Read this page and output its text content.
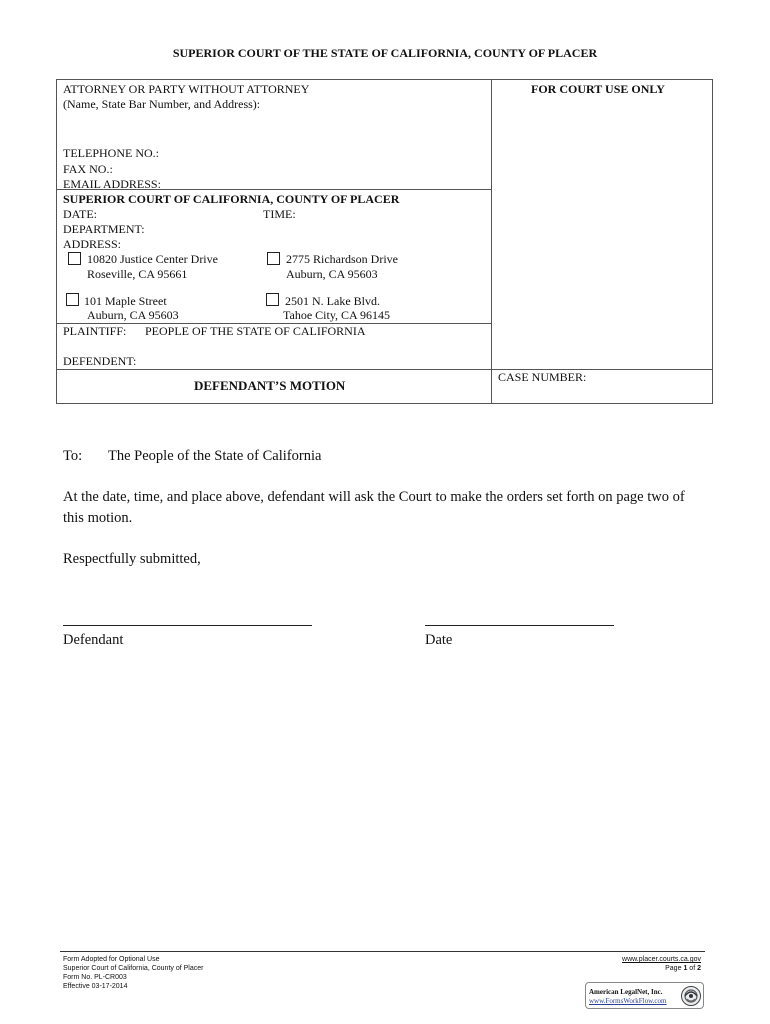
SUPERIOR COURT OF THE STATE OF CALIFORNIA, COUNTY OF PLACER
ATTORNEY OR PARTY WITHOUT ATTORNEY
(Name, State Bar Number, and Address):
TELEPHONE NO.:
FAX NO.:
EMAIL ADDRESS:
FOR COURT USE ONLY
SUPERIOR COURT OF CALIFORNIA, COUNTY OF PLACER
DATE:	TIME:
DEPARTMENT:
ADDRESS:
10820 Justice Center Drive
Roseville, CA 95661
2775 Richardson Drive
Auburn, CA 95603
101 Maple Street
Auburn, CA 95603
2501 N. Lake Blvd.
Tahoe City, CA 96145
PLAINTIFF: PEOPLE OF THE STATE OF CALIFORNIA
DEFENDENT:
DEFENDANT’S MOTION
CASE NUMBER:
To: The People of the State of California
At the date, time, and place above, defendant will ask the Court to make the orders set forth on page two of this motion.
Respectfully submitted,
Defendant	Date
Form Adopted for Optional Use
Superior Court of California, County of Placer
Form No. PL-CR003
Effective 03-17-2014
www.placer.courts.ca.gov
Page 1 of 2
American LegalNet, Inc.
www.FormsWorkFlow.com
